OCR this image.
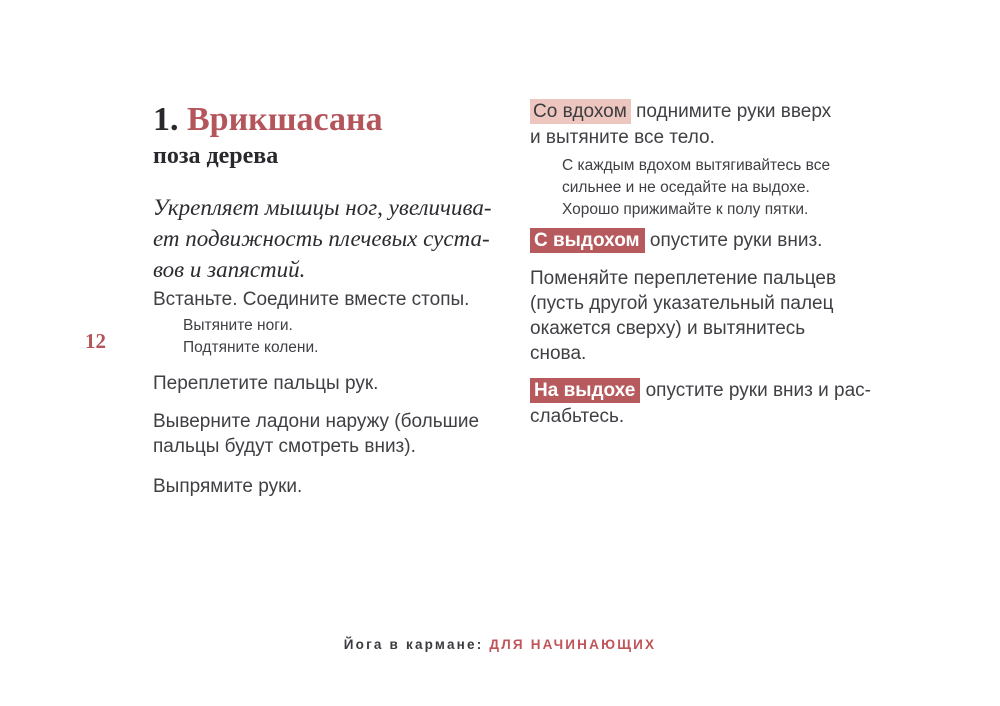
12
1. Врикшасана
поза дерева
Укрепляет мышцы ног, увеличива-
ет подвижность плечевых суста-
вов и запястий.
Встаньте. Соедините вместе стопы.
Вытяните ноги.
Подтяните колени.
Переплетите пальцы рук.
Выверните ладони наружу (большие
пальцы будут смотреть вниз).
Выпрямите руки.
Со вдохом поднимите руки вверх
и вытяните все тело.
С каждым вдохом вытягивайтесь все
сильнее и не оседайте на выдохе.
Хорошо прижимайте к полу пятки.
С выдохом опустите руки вниз.
Поменяйте переплетение пальцев
(пусть другой указательный палец
окажется сверху) и вытянитесь
снова.
На выдохе опустите руки вниз и рас-
слабьтесь.
Йога в кармане: ДЛЯ НАЧИНАЮЩИХ
